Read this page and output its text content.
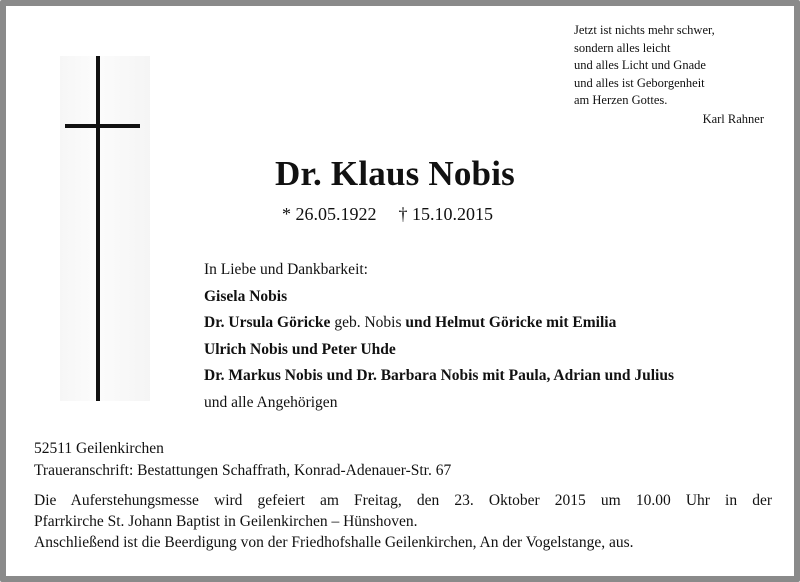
Jetzt ist nichts mehr schwer,
sondern alles leicht
und alles Licht und Gnade
und alles ist Geborgenheit
am Herzen Gottes.
Karl Rahner
Dr. Klaus Nobis
* 26.05.1922 † 15.10.2015
In Liebe und Dankbarkeit:
Gisela Nobis
Dr. Ursula Göricke geb. Nobis und Helmut Göricke mit Emilia
Ulrich Nobis und Peter Uhde
Dr. Markus Nobis und Dr. Barbara Nobis mit Paula, Adrian und Julius
und alle Angehörigen
52511 Geilenkirchen
Traueranschrift: Bestattungen Schaffrath, Konrad-Adenauer-Str. 67
Die Auferstehungsmesse wird gefeiert am Freitag, den 23. Oktober 2015 um 10.00 Uhr in der
Pfarrkirche St. Johann Baptist in Geilenkirchen – Hünshoven.
Anschließend ist die Beerdigung von der Friedhofshalle Geilenkirchen, An der Vogelstange, aus.
